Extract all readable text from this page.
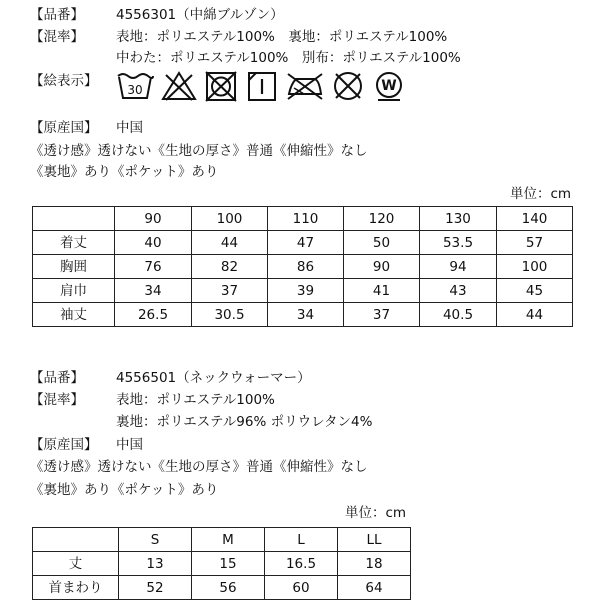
【品番】 4556301（中綿ブルゾン）
【混率】 表地：ポリエステル100%　裏地：ポリエステル100%
中わた：ポリエステル100%　別布：ポリエステル100%
【絵表示】
30	W
【原産国】 中国
《透け感》透けない《生地の厚さ》普通《伸縮性》なし
《裏地》あり《ポケット》あり
単位：cm
	90	100	110	120	130	140
着丈	40	44	47	50	53.5	57
胸囲	76	82	86	90	94	100
肩巾	34	37	39	41	43	45
袖丈	26.5	30.5	34	37	40.5	44
【品番】 4556501（ネックウォーマー）
【混率】 表地：ポリエステル100%
裏地：ポリエステル96% ポリウレタン4%
【原産国】 中国
《透け感》透けない《生地の厚さ》普通《伸縮性》なし
《裏地》あり《ポケット》あり
単位：cm
	S	M	L	LL
丈	13	15	16.5	18
首まわり	52	56	60	64
